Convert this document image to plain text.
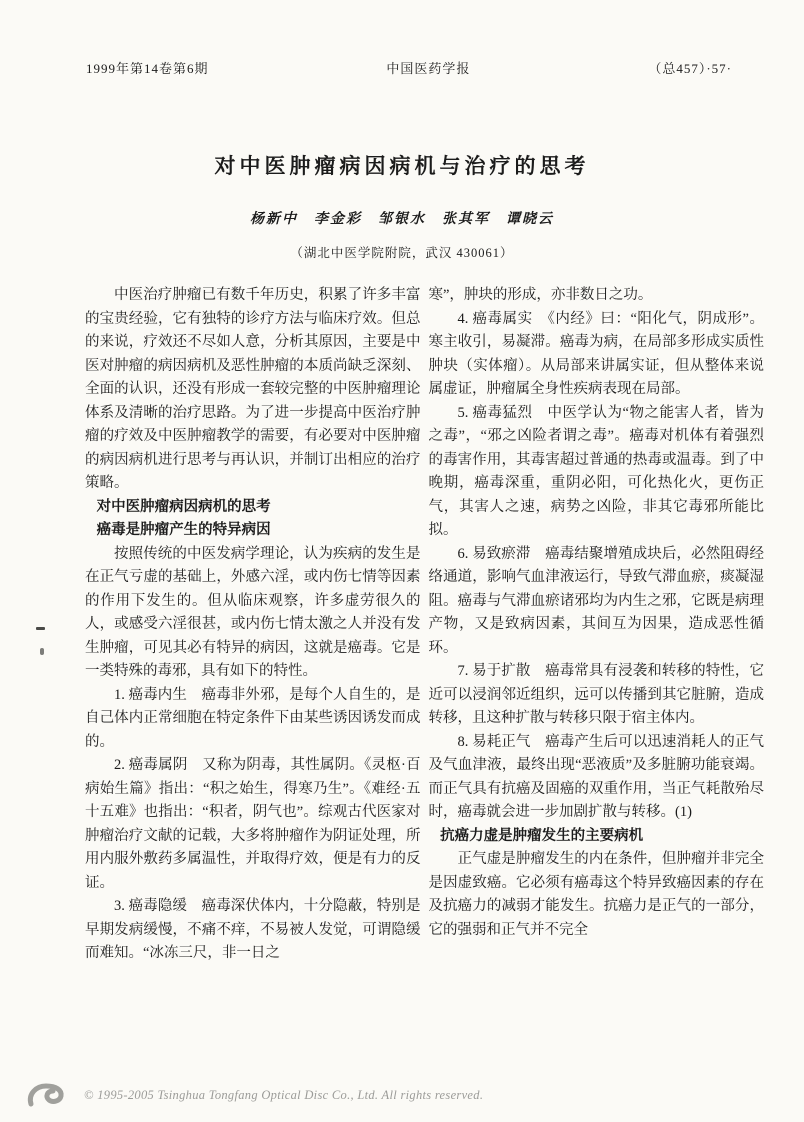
1999年第14卷第6期	中国医药学报	（总457）·57·
对中医肿瘤病因病机与治疗的思考
杨新中　李金彩　邹银水　张其军　谭晓云
（湖北中医学院附院，武汉 430061）

中医治疗肿瘤已有数千年历史，积累了许多丰富的宝贵经验，它有独特的诊疗方法与临床疗效。但总的来说，疗效还不尽如人意，分析其原因，主要是中医对肿瘤的病因病机及恶性肿瘤的本质尚缺乏深刻、全面的认识，还没有形成一套较完整的中医肿瘤理论体系及清晰的治疗思路。为了进一步提高中医治疗肿瘤的疗效及中医肿瘤教学的需要，有必要对中医肿瘤的病因病机进行思考与再认识，并制订出相应的治疗策略。

对中医肿瘤病因病机的思考

癌毒是肿瘤产生的特异病因

按照传统的中医发病学理论，认为疾病的发生是在正气亏虚的基础上，外感六淫，或内伤七情等因素的作用下发生的。但从临床观察，许多虚劳很久的人，或感受六淫很甚，或内伤七情太激之人并没有发生肿瘤，可见其必有特异的病因，这就是癌毒。它是一类特殊的毒邪，具有如下的特性。

1. 癌毒内生　癌毒非外邪，是每个人自生的，是自己体内正常细胞在特定条件下由某些诱因诱发而成的。

2. 癌毒属阴　又称为阴毒，其性属阴。《灵枢·百病始生篇》指出：“积之始生，得寒乃生”。《难经·五十五难》也指出：“积者，阴气也”。综观古代医家对肿瘤治疗文献的记载，大多将肿瘤作为阴证处理，所用内服外敷药多属温性，并取得疗效，便是有力的反证。

3. 癌毒隐缓　癌毒深伏体内，十分隐蔽，特别是早期发病缓慢，不痛不痒，不易被人发觉，可谓隐缓而难知。“冰冻三尺，非一日之

寒”，肿块的形成，亦非数日之功。

4. 癌毒属实　《内经》曰：“阳化气，阴成形”。寒主收引，易凝滞。癌毒为病，在局部多形成实质性肿块（实体瘤）。从局部来讲属实证，但从整体来说属虚证，肿瘤属全身性疾病表现在局部。

5. 癌毒猛烈　中医学认为“物之能害人者，皆为之毒”，“邪之凶险者谓之毒”。癌毒对机体有着强烈的毒害作用，其毒害超过普通的热毒或温毒。到了中晚期，癌毒深重，重阴必阳，可化热化火，更伤正气，其害人之速，病势之凶险，非其它毒邪所能比拟。

6. 易致瘀滞　癌毒结聚增殖成块后，必然阻碍经络通道，影响气血津液运行，导致气滞血瘀，痰凝湿阻。癌毒与气滞血瘀诸邪均为内生之邪，它既是病理产物，又是致病因素，其间互为因果，造成恶性循环。

7. 易于扩散　癌毒常具有浸袭和转移的特性，它近可以浸润邻近组织，远可以传播到其它脏腑，造成转移，且这种扩散与转移只限于宿主体内。

8. 易耗正气　癌毒产生后可以迅速消耗人的正气及气血津液，最终出现“恶液质”及多脏腑功能衰竭。而正气具有抗癌及固癌的双重作用，当正气耗散殆尽时，癌毒就会进一步加剧扩散与转移。(1)

抗癌力虚是肿瘤发生的主要病机

正气虚是肿瘤发生的内在条件，但肿瘤并非完全是因虚致癌。它必须有癌毒这个特异致癌因素的存在及抗癌力的减弱才能发生。抗癌力是正气的一部分，它的强弱和正气并不完全

© 1995-2005 Tsinghua Tongfang Optical Disc Co., Ltd. All rights reserved.
